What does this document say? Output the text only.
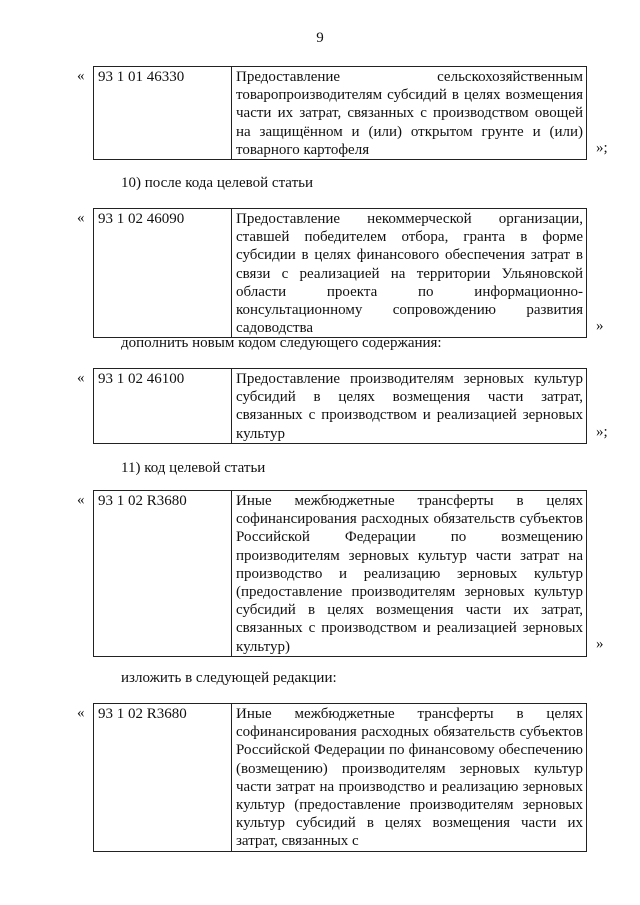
9
« 93 1 01 46330	Предоставление сельскохозяйственным товаропроизводителям субсидий в целях возмещения части их затрат, связанных с производством овощей на защищённом и (или) открытом грунте и (или) товарного картофеля	»;
10) после кода целевой статьи
« 93 1 02 46090	Предоставление некоммерческой организации, ставшей победителем отбора, гранта в форме субсидии в целях финансового обеспечения затрат в связи с реализацией на территории Ульяновской области проекта по информационно-консультационному сопровождению развития садоводства	»
дополнить новым кодом следующего содержания:
« 93 1 02 46100	Предоставление производителям зерновых культур субсидий в целях возмещения части затрат, связанных с производством и реализацией зерновых культур	»;
11) код целевой статьи
« 93 1 02 R3680	Иные межбюджетные трансферты в целях софинансирования расходных обязательств субъектов Российской Федерации по возмещению производителям зерновых культур части затрат на производство и реализацию зерновых культур (предоставление производителям зерновых культур субсидий в целях возмещения части их затрат, связанных с производством и реализацией зерновых культур)	»
изложить в следующей редакции:
« 93 1 02 R3680	Иные межбюджетные трансферты в целях софинансирования расходных обязательств субъектов Российской Федерации по финансовому обеспечению (возмещению) производителям зерновых культур части затрат на производство и реализацию зерновых культур (предоставление производителям зерновых культур субсидий в целях возмещения части их затрат, связанных с
